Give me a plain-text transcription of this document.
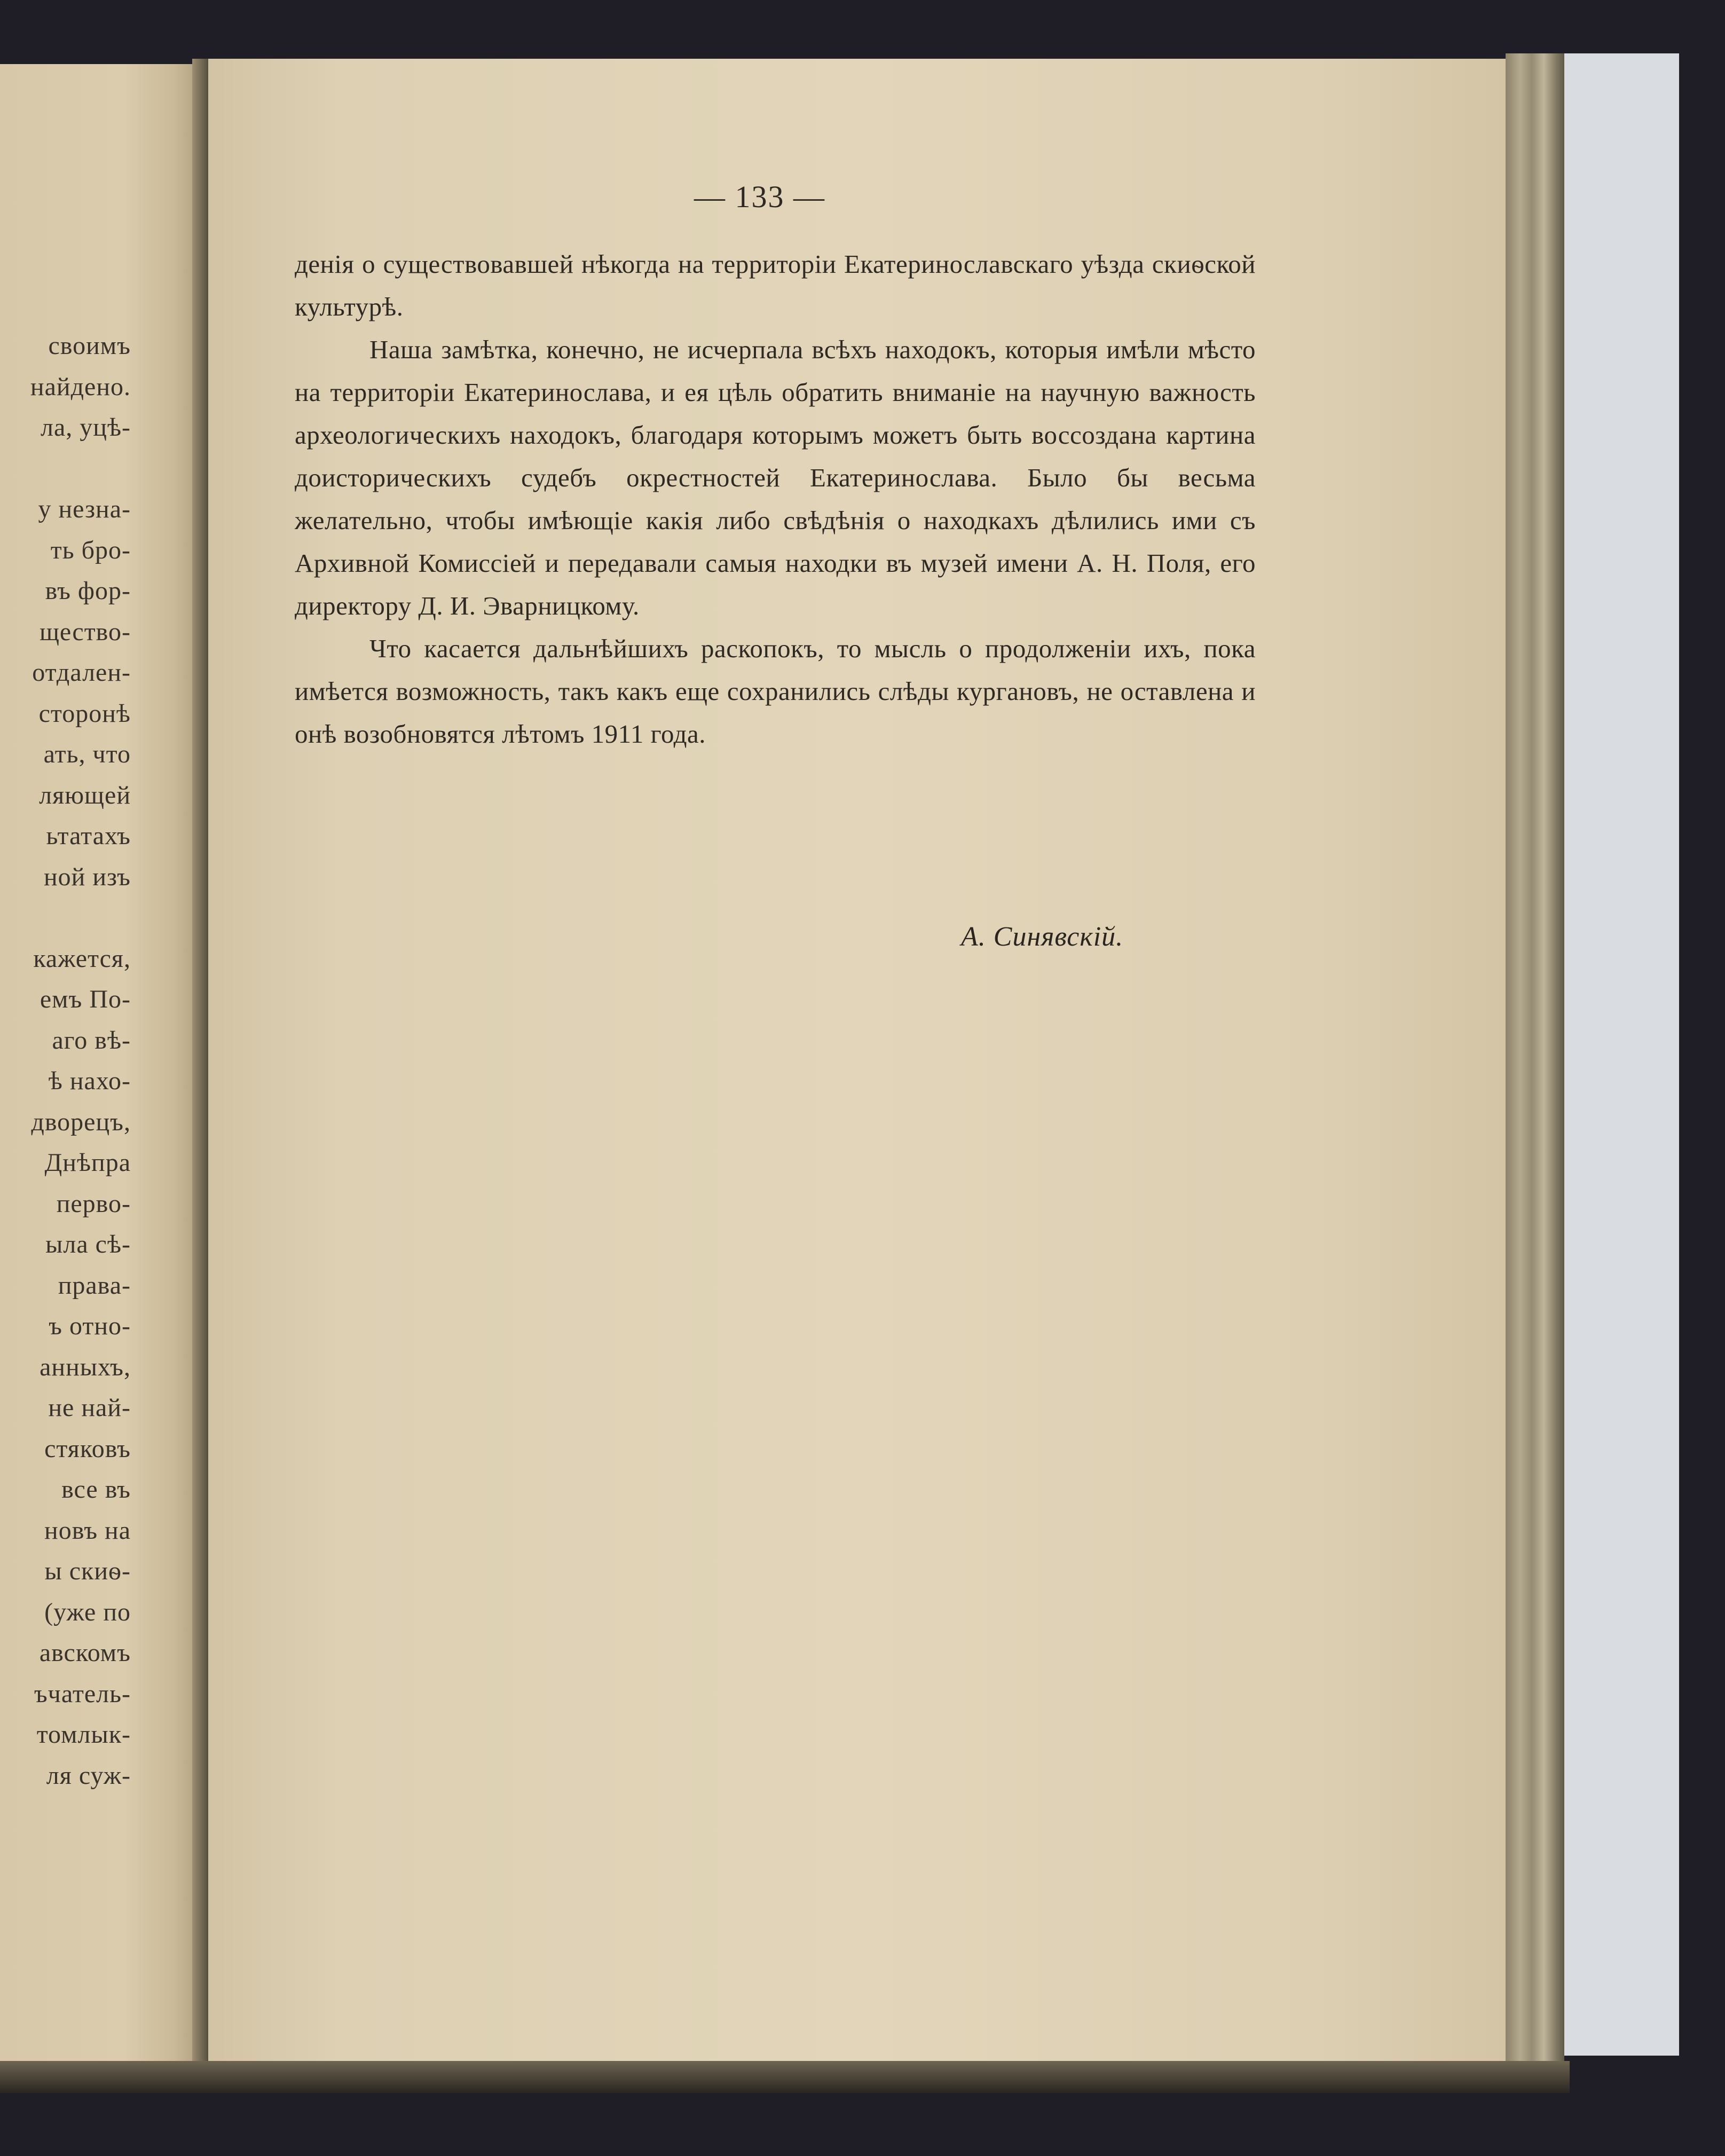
своимъ
найдено.
ла, уцѣ-
у незна-
ть бро-
въ фор-
щество-
отдален-
сторонѣ
ать, что
ляющей
ьтатахъ
ной изъ
кажется,
емъ По-
аго вѣ-
ѣ нахо-
дворецъ,
Днѣпра
перво-
ыла сѣ-
права-
ъ отно-
анныхъ,
не най-
стяковъ
все въ
новъ на
ы скиѳ-
(уже по
авскомъ
ъчатель-
томлык-
ля суж-
— 133 —

денія о существовавшей нѣкогда на территоріи Екатеринославскаго уѣзда скиѳской культурѣ.

Наша замѣтка, конечно, не исчерпала всѣхъ находокъ, которыя имѣли мѣсто на территоріи Екатеринослава, и ея цѣль обратить вниманіе на научную важность археологическихъ находокъ, благодаря которымъ можетъ быть воссоздана картина доисторическихъ судебъ окрестностей Екатеринослава. Было бы весьма желательно, чтобы имѣющіе какія либо свѣдѣнія о находкахъ дѣлились ими съ Архивной Комиссіей и передавали самыя находки въ музей имени А. Н. Поля, его директору Д. И. Эварницкому.

Что касается дальнѣйшихъ раскопокъ, то мысль о продолженіи ихъ, пока имѣется возможность, такъ какъ еще сохранились слѣды кургановъ, не оставлена и онѣ возобновятся лѣтомъ 1911 года.

А. Синявскій.
